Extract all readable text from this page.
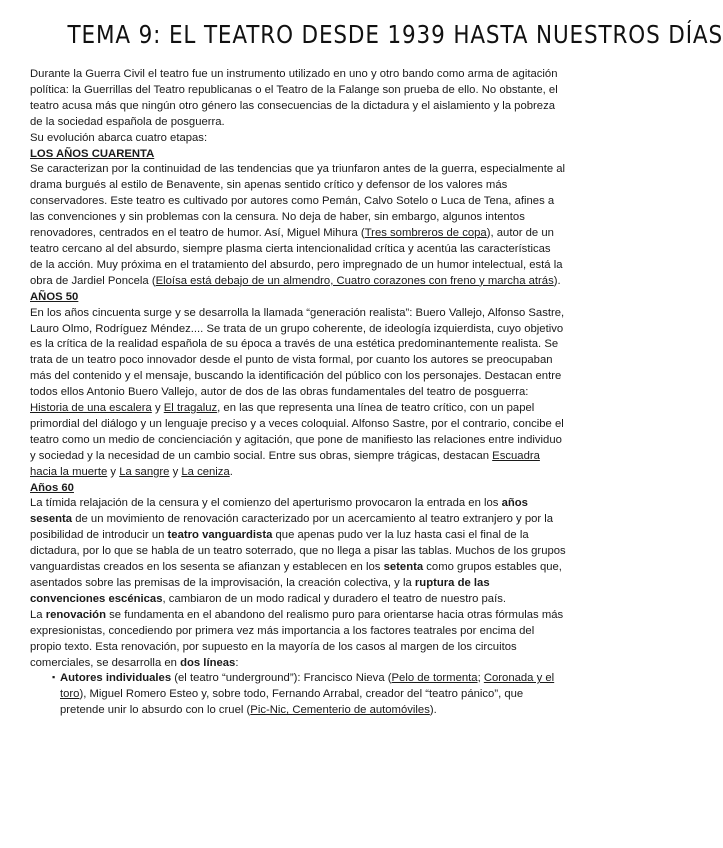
TEMA 9: EL TEATRO DESDE 1939 HASTA NUESTROS DÍAS

Durante la Guerra Civil el teatro fue un instrumento utilizado en uno y otro bando como arma de agitación política: la Guerrillas del Teatro republicanas o el Teatro de la Falange son prueba de ello. No obstante, el teatro acusa más que ningún otro género las consecuencias de la dictadura y el aislamiento y la pobreza de la sociedad española de posguerra.

Su evolución abarca cuatro etapas:

LOS AÑOS CUARENTA

Se caracterizan por la continuidad de las tendencias que ya triunfaron antes de la guerra, especialmente al drama burgués al estilo de Benavente, sin apenas sentido crítico y defensor de los valores más conservadores. Este teatro es cultivado por autores como Pemán, Calvo Sotelo o Luca de Tena, afines a las convenciones y sin problemas con la censura. No deja de haber, sin embargo, algunos intentos renovadores, centrados en el teatro de humor. Así, Miguel Mihura (Tres sombreros de copa), autor de un teatro cercano al del absurdo, siempre plasma cierta intencionalidad crítica y acentúa las características de la acción. Muy próxima en el tratamiento del absurdo, pero impregnado de un humor intelectual, está la obra de Jardiel Poncela (Eloísa está debajo de un almendro, Cuatro corazones con freno y marcha atrás).

AÑOS 50

En los años cincuenta surge y se desarrolla la llamada “generación realista”: Buero Vallejo, Alfonso Sastre, Lauro Olmo, Rodríguez Méndez.... Se trata de un grupo coherente, de ideología izquierdista, cuyo objetivo es la crítica de la realidad española de su época a través de una estética predominantemente realista. Se trata de un teatro poco innovador desde el punto de vista formal, por cuanto los autores se preocupaban más del contenido y el mensaje, buscando la identificación del público con los personajes. Destacan entre todos ellos Antonio Buero Vallejo, autor de dos de las obras fundamentales del teatro de posguerra: Historia de una escalera y El tragaluz, en las que representa una línea de teatro crítico, con un papel primordial del diálogo y un lenguaje preciso y a veces coloquial. Alfonso Sastre, por el contrario, concibe el teatro como un medio de concienciación y agitación, que pone de manifiesto las relaciones entre individuo y sociedad y la necesidad de un cambio social. Entre sus obras, siempre trágicas, destacan Escuadra hacia la muerte y La sangre y La ceniza.

Años 60

La tímida relajación de la censura y el comienzo del aperturismo provocaron la entrada en los años sesenta de un movimiento de renovación caracterizado por un acercamiento al teatro extranjero y por la posibilidad de introducir un teatro vanguardista que apenas pudo ver la luz hasta casi el final de la dictadura, por lo que se habla de un teatro soterrado, que no llega a pisar las tablas. Muchos de los grupos vanguardistas creados en los sesenta se afianzan y establecen en los setenta como grupos estables que, asentados sobre las premisas de la improvisación, la creación colectiva, y la ruptura de las convenciones escénicas, cambiaron de un modo radical y duradero el teatro de nuestro país.

La renovación se fundamenta en el abandono del realismo puro para orientarse hacia otras fórmulas más expresionistas, concediendo por primera vez más importancia a los factores teatrales por encima del propio texto. Esta renovación, por supuesto en la mayoría de los casos al margen de los circuitos comerciales, se desarrolla en dos líneas:

▪ Autores individuales (el teatro “underground”): Francisco Nieva (Pelo de tormenta; Coronada y el toro), Miguel Romero Esteo y, sobre todo, Fernando Arrabal, creador del “teatro pánico”, que pretende unir lo absurdo con lo cruel (Pic-Nic, Cementerio de automóviles).
